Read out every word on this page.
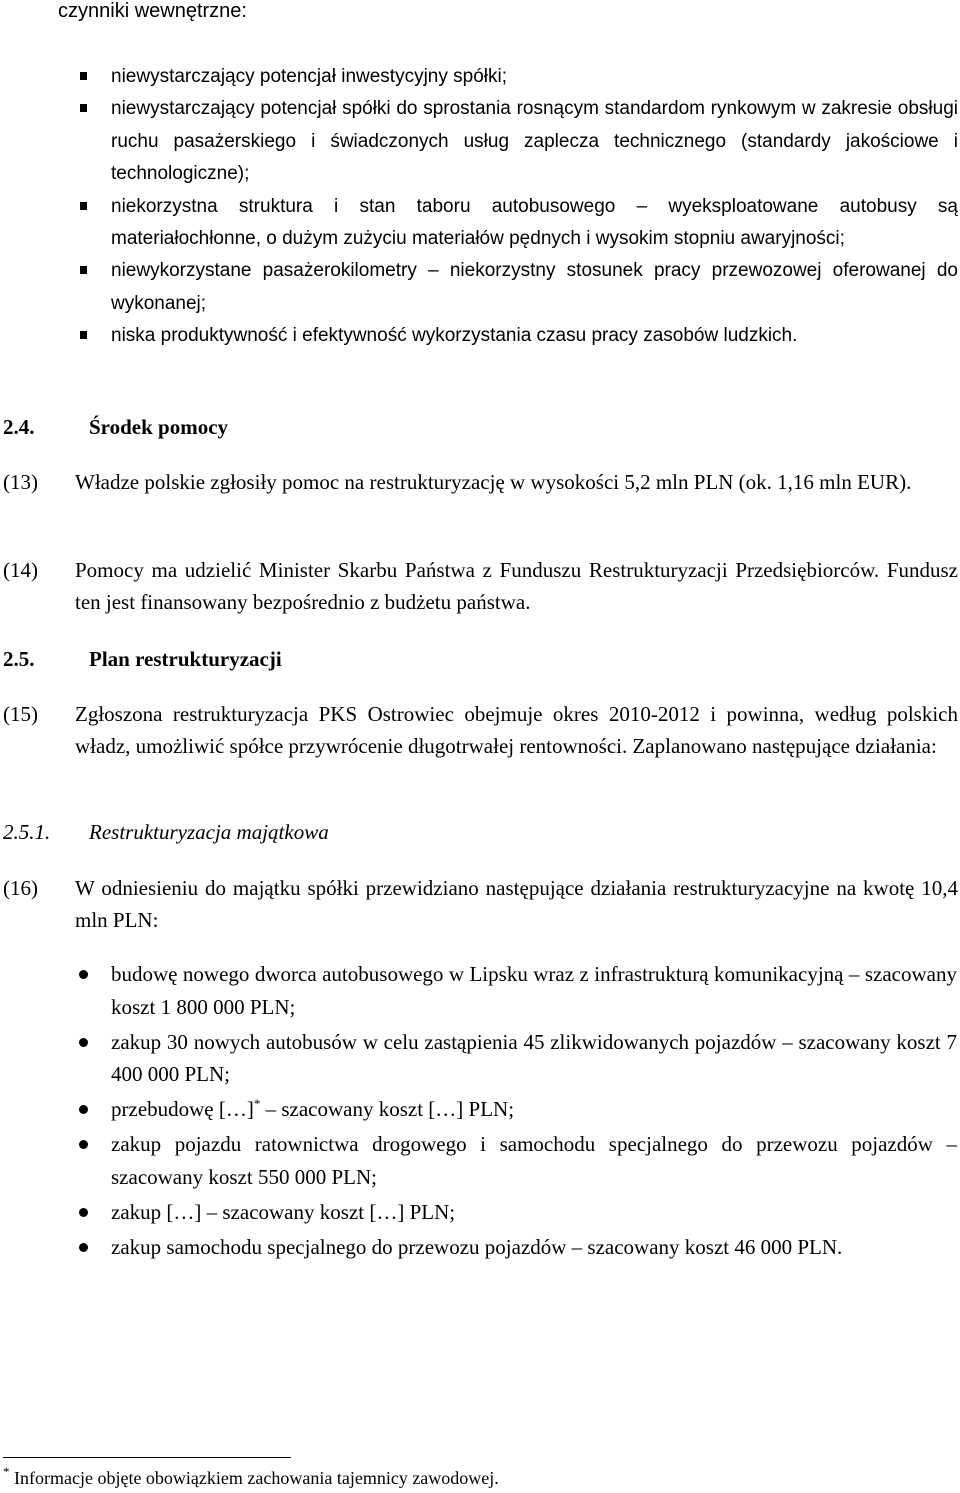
czynniki wewnętrzne:
niewystarczający potencjał inwestycyjny spółki;
niewystarczający potencjał spółki do sprostania rosnącym standardom rynkowym w zakresie obsługi ruchu pasażerskiego i świadczonych usług zaplecza technicznego (standardy jakościowe i technologiczne);
niekorzystna struktura i stan taboru autobusowego – wyeksploatowane autobusy są materiałochłonne, o dużym zużyciu materiałów pędnych i wysokim stopniu awaryjności;
niewykorzystane pasażerokilometry – niekorzystny stosunek pracy przewozowej oferowanej do wykonanej;
niska produktywność i efektywność wykorzystania czasu pracy zasobów ludzkich.
2.4.	Środek pomocy
(13) Władze polskie zgłosiły pomoc na restrukturyzację w wysokości 5,2 mln PLN (ok. 1,16 mln EUR).
(14) Pomocy ma udzielić Minister Skarbu Państwa z Funduszu Restrukturyzacji Przedsiębiorców. Fundusz ten jest finansowany bezpośrednio z budżetu państwa.
2.5.	Plan restrukturyzacji
(15) Zgłoszona restrukturyzacja PKS Ostrowiec obejmuje okres 2010-2012 i powinna, według polskich władz, umożliwić spółce przywrócenie długotrwałej rentowności. Zaplanowano następujące działania:
2.5.1. Restrukturyzacja majątkowa
(16) W odniesieniu do majątku spółki przewidziano następujące działania restrukturyzacyjne na kwotę 10,4 mln PLN:
budowę nowego dworca autobusowego w Lipsku wraz z infrastrukturą komunikacyjną – szacowany koszt 1 800 000 PLN;
zakup 30 nowych autobusów w celu zastąpienia 45 zlikwidowanych pojazdów – szacowany koszt 7 400 000 PLN;
przebudowę […]* – szacowany koszt […] PLN;
zakup pojazdu ratownictwa drogowego i samochodu specjalnego do przewozu pojazdów – szacowany koszt 550 000 PLN;
zakup […] – szacowany koszt […] PLN;
zakup samochodu specjalnego do przewozu pojazdów – szacowany koszt 46 000 PLN.
* Informacje objęte obowiązkiem zachowania tajemnicy zawodowej.
